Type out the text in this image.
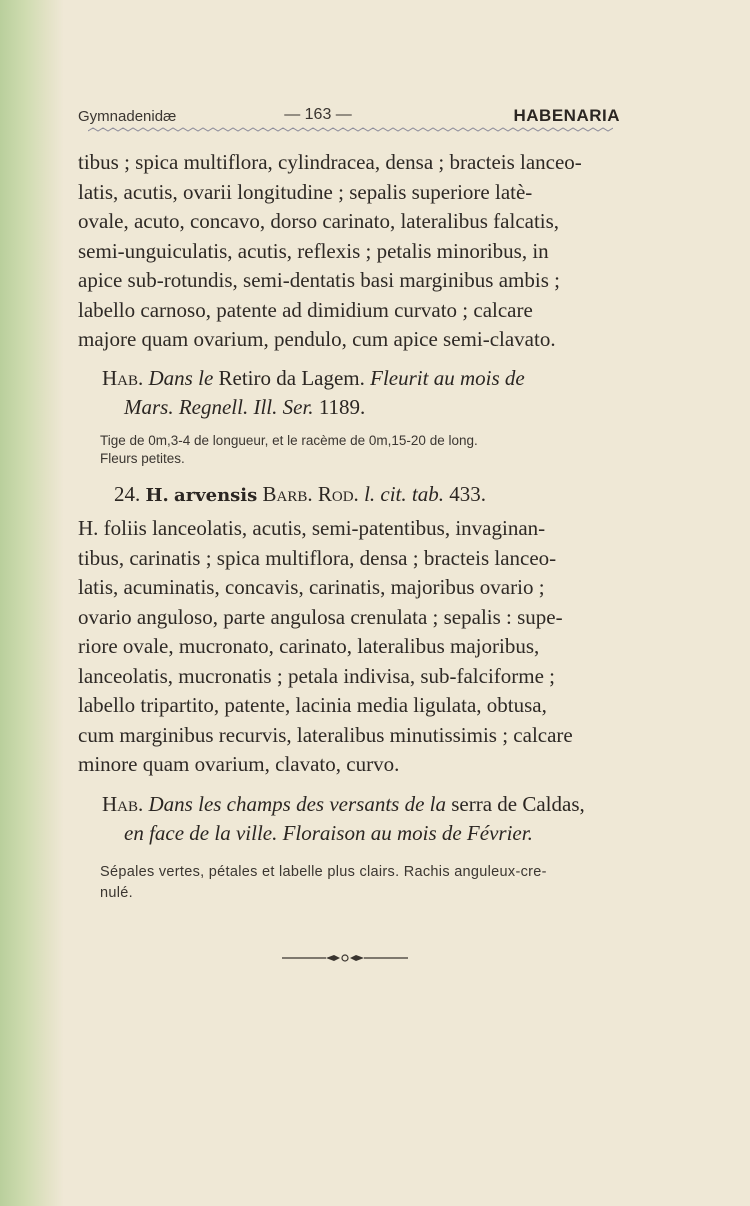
Gymnadenidæ	— 163 —	HABENARIA
tibus ; spica multiflora, cylindracea, densa ; bracteis lanceo-
latis, acutis, ovarii longitudine ; sepalis superiore latè-
ovale, acuto, concavo, dorso carinato, lateralibus falcatis,
semi-unguiculatis, acutis, reflexis ; petalis minoribus, in
apice sub-rotundis, semi-dentatis basi marginibus ambis ;
labello carnoso, patente ad dimidium curvato ; calcare
majore quam ovarium, pendulo, cum apice semi-clavato.
Hab. Dans le Retiro da Lagem. Fleurit au mois de
Mars. Regnell. Ill. Ser. 1189.
Tige de 0m,3-4 de longueur, et le racème de 0m,15-20 de long.
Fleurs petites.
24. H. arvensis Barb. Rod. l. cit. tab. 433.
H. foliis lanceolatis, acutis, semi-patentibus, invaginan-
tibus, carinatis ; spica multiflora, densa ; bracteis lanceo-
latis, acuminatis, concavis, carinatis, majoribus ovario ;
ovario anguloso, parte angulosa crenulata ; sepalis : supe-
riore ovale, mucronato, carinato, lateralibus majoribus,
lanceolatis, mucronatis ; petala indivisa, sub-falciforme ;
labello tripartito, patente, lacinia media ligulata, obtusa,
cum marginibus recurvis, lateralibus minutissimis ; calcare
minore quam ovarium, clavato, curvo.
Hab. Dans les champs des versants de la serra de Caldas,
en face de la ville. Floraison au mois de Février.
Sépales vertes, pétales et labelle plus clairs. Rachis anguleux-cre-
nulé.
